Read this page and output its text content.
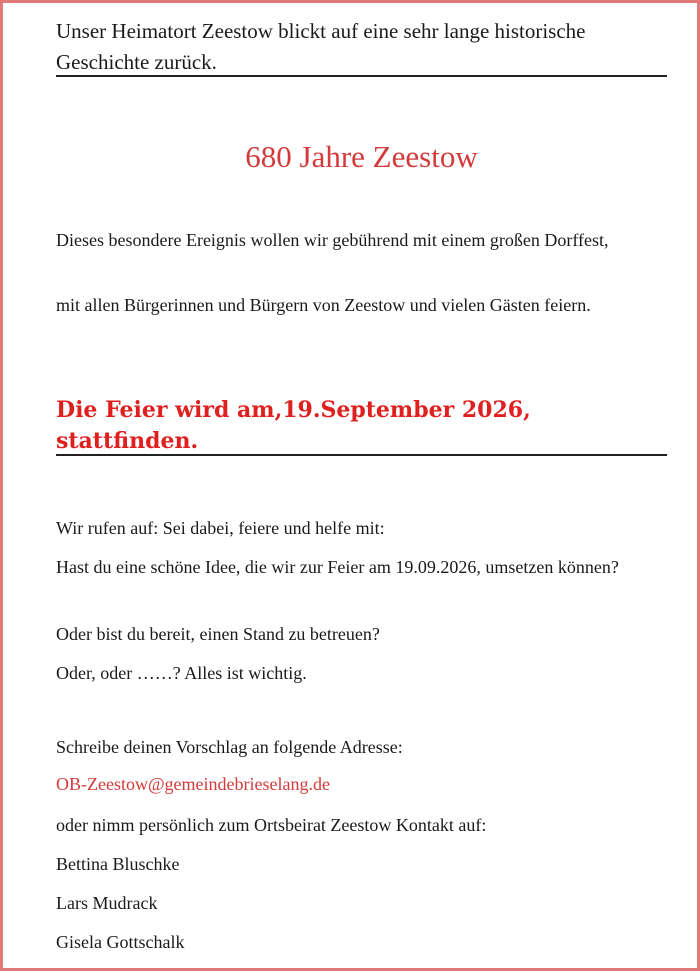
Unser Heimatort Zeestow blickt auf eine sehr lange historische Geschichte zurück.
680 Jahre Zeestow
Dieses besondere Ereignis wollen wir gebührend mit einem großen Dorffest,
mit allen Bürgerinnen und Bürgern von Zeestow und vielen Gästen feiern.
Die Feier wird am,19.September 2026, stattfinden.
Wir rufen auf: Sei dabei, feiere und helfe mit:
Hast du eine schöne Idee, die wir zur Feier am 19.09.2026, umsetzen können?
Oder bist du bereit, einen Stand zu betreuen?
Oder, oder ……? Alles ist wichtig.
Schreibe deinen Vorschlag an folgende Adresse:
OB-Zeestow@gemeindebrieselang.de
oder nimm persönlich zum Ortsbeirat Zeestow Kontakt auf:
Bettina Bluschke
Lars Mudrack
Gisela Gottschalk
